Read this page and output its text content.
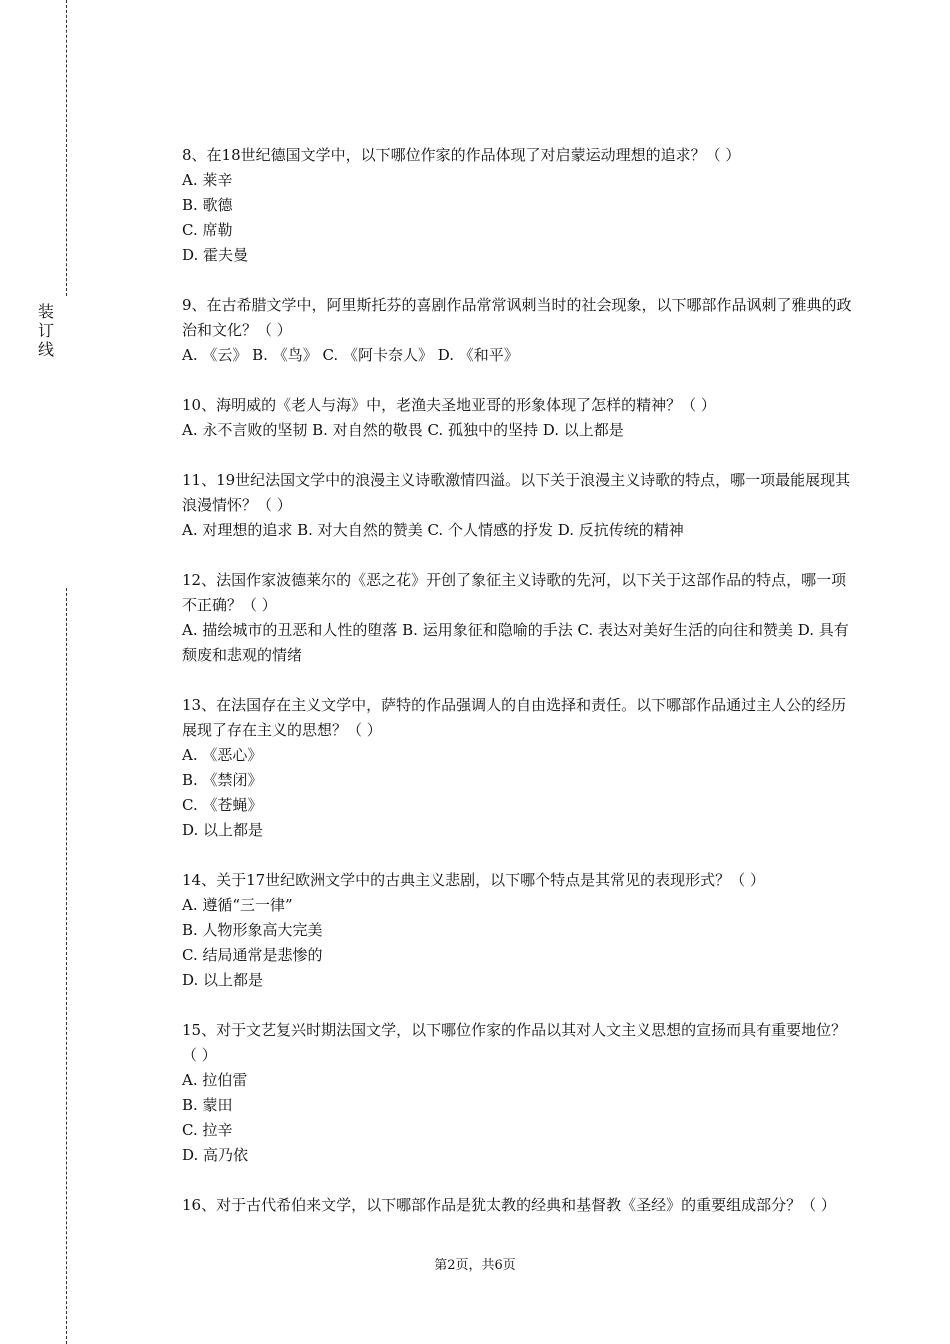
装
订
线

8、在18世纪德国文学中，以下哪位作家的作品体现了对启蒙运动理想的追求？（ ）

A. 莱辛

B. 歌德

C. 席勒

D. 霍夫曼

9、在古希腊文学中，阿里斯托芬的喜剧作品常常讽刺当时的社会现象，以下哪部作品讽刺了雅典的政治和文化？（ ）

A. 《云》 B. 《鸟》 C. 《阿卡奈人》 D. 《和平》

10、海明威的《老人与海》中，老渔夫圣地亚哥的形象体现了怎样的精神？（ ）

A. 永不言败的坚韧 B. 对自然的敬畏 C. 孤独中的坚持 D. 以上都是

11、19世纪法国文学中的浪漫主义诗歌激情四溢。以下关于浪漫主义诗歌的特点，哪一项最能展现其浪漫情怀？（ ）

A. 对理想的追求 B. 对大自然的赞美 C. 个人情感的抒发 D. 反抗传统的精神

12、法国作家波德莱尔的《恶之花》开创了象征主义诗歌的先河，以下关于这部作品的特点，哪一项不正确？（ ）

A. 描绘城市的丑恶和人性的堕落 B. 运用象征和隐喻的手法 C. 表达对美好生活的向往和赞美 D. 具有颓废和悲观的情绪

13、在法国存在主义文学中，萨特的作品强调人的自由选择和责任。以下哪部作品通过主人公的经历展现了存在主义的思想？（ ）

A. 《恶心》

B. 《禁闭》

C. 《苍蝇》

D. 以上都是

14、关于17世纪欧洲文学中的古典主义悲剧，以下哪个特点是其常见的表现形式？（ ）

A. 遵循“三一律”

B. 人物形象高大完美

C. 结局通常是悲惨的

D. 以上都是

15、对于文艺复兴时期法国文学，以下哪位作家的作品以其对人文主义思想的宣扬而具有重要地位？（ ）

A. 拉伯雷

B. 蒙田

C. 拉辛

D. 高乃依

16、对于古代希伯来文学，以下哪部作品是犹太教的经典和基督教《圣经》的重要组成部分？（ ）

第2页，共6页
